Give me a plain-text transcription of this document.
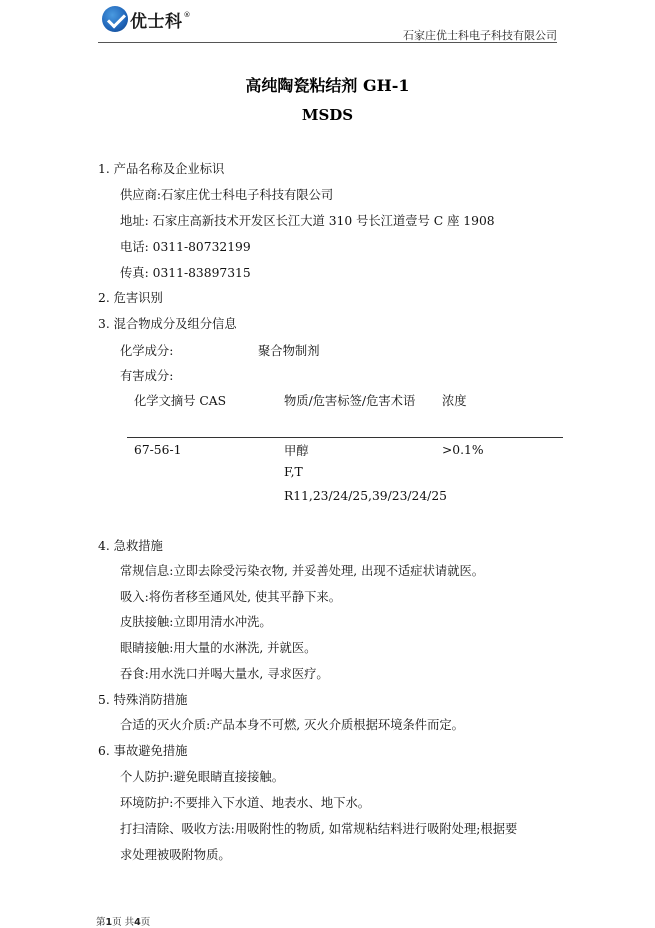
优士科 ®
石家庄优士科电子科技有限公司
高纯陶瓷粘结剂 GH-1
MSDS
1. 产品名称及企业标识
供应商:石家庄优士科电子科技有限公司
地址: 石家庄高新技术开发区长江大道 310 号长江道壹号 C 座 1908
电话: 0311-80732199
传真: 0311-83897315
2. 危害识别
3. 混合物成分及组分信息
化学成分:	聚合物制剂
有害成分:
化学文摘号 CAS	物质/危害标签/危害术语 浓度
67-56-1	甲醇	>0.1%
F,T
R11,23/24/25,39/23/24/25
4. 急救措施
常规信息:立即去除受污染衣物, 并妥善处理, 出现不适症状请就医。
吸入:将伤者移至通风处, 使其平静下来。
皮肤接触:立即用清水冲洗。
眼睛接触:用大量的水淋洗, 并就医。
吞食:用水洗口并喝大量水, 寻求医疗。
5. 特殊消防措施
合适的灭火介质:产品本身不可燃, 灭火介质根据环境条件而定。
6. 事故避免措施
个人防护:避免眼睛直接接触。
环境防护:不要排入下水道、地表水、地下水。
打扫清除、吸收方法:用吸附性的物质, 如常规粘结料进行吸附处理;根据要
求处理被吸附物质。
第1页 共4页
